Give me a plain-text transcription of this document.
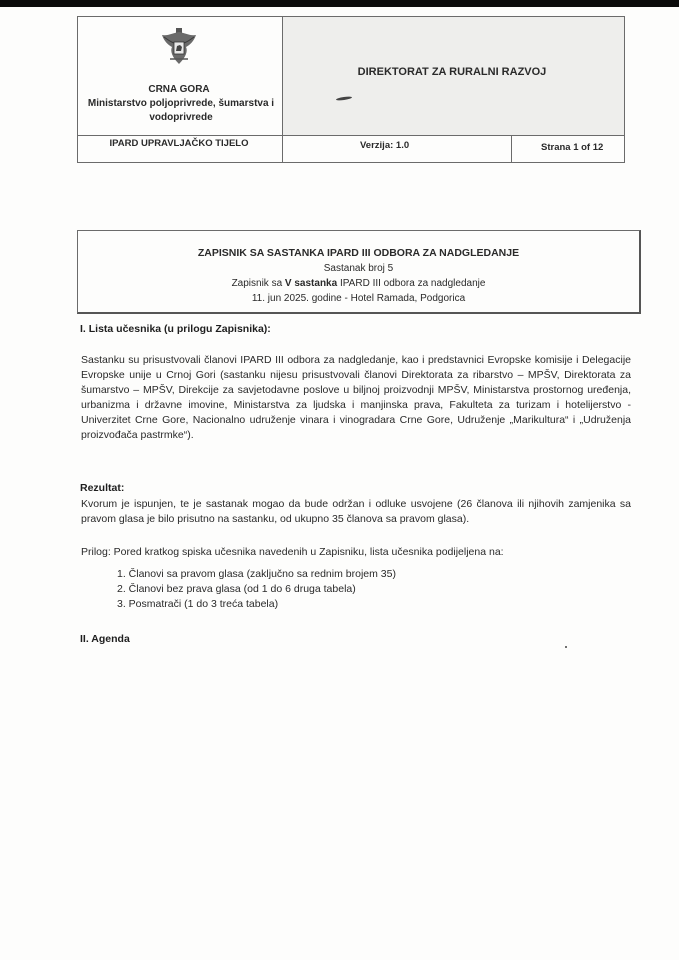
CRNA GORA
Ministarstvo poljoprivrede, šumarstva i vodoprivrede
DIREKTORAT ZA RURALNI RAZVOJ
IPARD UPRAVLJAČKO TIJELO	Verzija: 1.0	Strana 1 of 12
ZAPISNIK SA SASTANKA IPARD III ODBORA ZA NADGLEDANJE
Sastanak broj 5
Zapisnik sa V sastanka IPARD III odbora za nadgledanje
11. jun 2025. godine - Hotel Ramada, Podgorica
I. Lista učesnika (u prilogu Zapisnika):
Sastanku su prisustvovali članovi IPARD III odbora za nadgledanje, kao i predstavnici Evropske komisije i Delegacije Evropske unije u Crnoj Gori (sastanku nijesu prisustvovali članovi Direktorata za ribarstvo – MPŠV, Direktorata za šumarstvo – MPŠV, Direkcije za savjetodavne poslove u biljnoj proizvodnji MPŠV, Ministarstva prostornog uređenja, urbanizma i državne imovine, Ministarstva za ljudska i manjinska prava, Fakulteta za turizam i hotelijerstvo - Univerzitet Crne Gore, Nacionalno udruženje vinara i vinogradara Crne Gore, Udruženje „Marikultura“ i „Udruženja proizvođača pastrmke“).
Rezultat:
Kvorum je ispunjen, te je sastanak mogao da bude održan i odluke usvojene (26 članova ili njihovih zamjenika sa pravom glasa je bilo prisutno na sastanku, od ukupno 35 članova sa pravom glasa).
Prilog: Pored kratkog spiska učesnika navedenih u Zapisniku, lista učesnika podijeljena na:
1. Članovi sa pravom glasa (zaključno sa rednim brojem 35)
2. Članovi bez prava glasa (od 1 do 6 druga tabela)
3. Posmatrači (1 do 3 treća tabela)
II. Agenda
